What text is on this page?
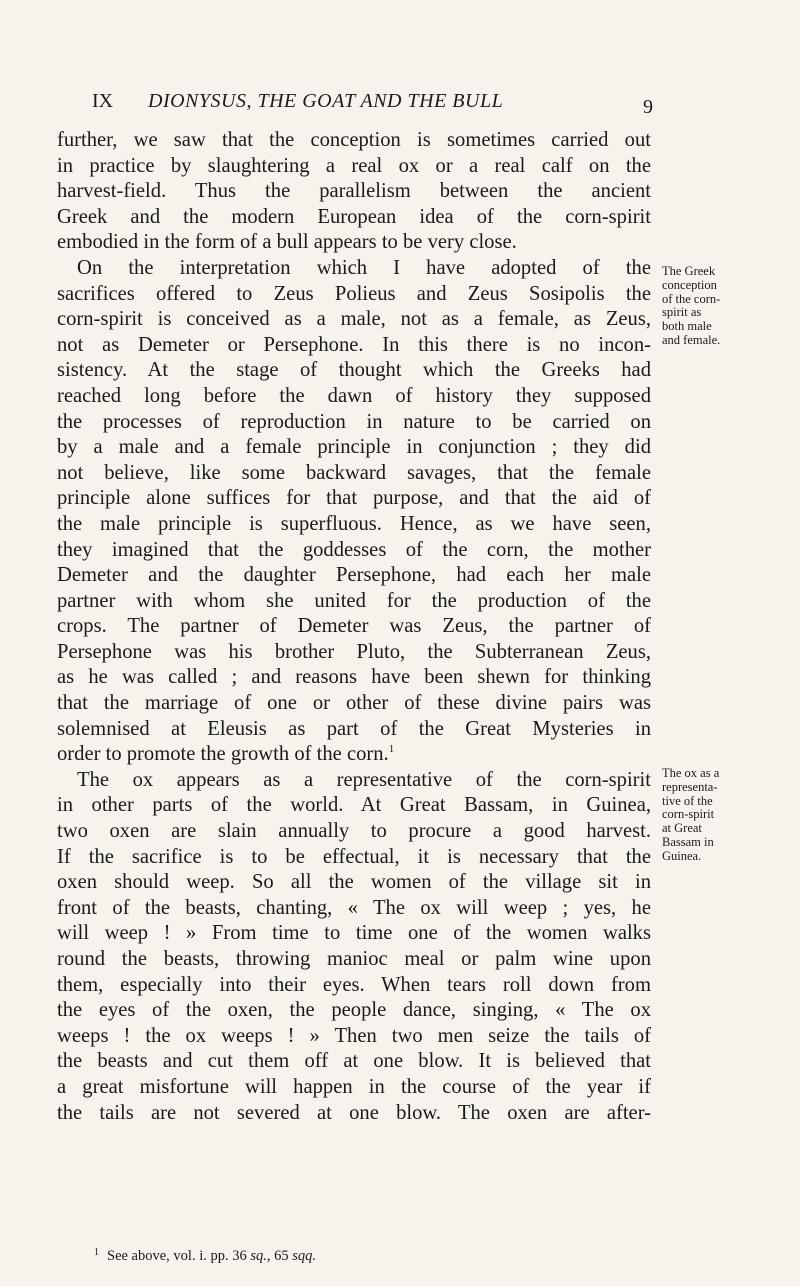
IX DIONYSUS, THE GOAT AND THE BULL	9
further, we saw that the conception is sometimes carried out
in practice by slaughtering a real ox or a real calf on the
harvest-field. Thus the parallelism between the ancient
Greek and the modern European idea of the corn-spirit
embodied in the form of a bull appears to be very close.
On the interpretation which I have adopted of the
sacrifices offered to Zeus Polieus and Zeus Sosipolis the
corn-spirit is conceived as a male, not as a female, as Zeus,
not as Demeter or Persephone. In this there is no incon-
sistency. At the stage of thought which the Greeks had
reached long before the dawn of history they supposed
the processes of reproduction in nature to be carried on
by a male and a female principle in conjunction ; they did
not believe, like some backward savages, that the female
principle alone suffices for that purpose, and that the aid of
the male principle is superfluous. Hence, as we have seen,
they imagined that the goddesses of the corn, the mother
Demeter and the daughter Persephone, had each her male
partner with whom she united for the production of the
crops. The partner of Demeter was Zeus, the partner of
Persephone was his brother Pluto, the Subterranean Zeus,
as he was called ; and reasons have been shewn for thinking
that the marriage of one or other of these divine pairs was
solemnised at Eleusis as part of the Great Mysteries in
order to promote the growth of the corn.$^1$
The ox appears as a representative of the corn-spirit
in other parts of the world. At Great Bassam, in Guinea,
two oxen are slain annually to procure a good harvest.
If the sacrifice is to be effectual, it is necessary that the
oxen should weep. So all the women of the village sit in
front of the beasts, chanting, « The ox will weep ; yes, he
will weep ! » From time to time one of the women walks
round the beasts, throwing manioc meal or palm wine upon
them, especially into their eyes. When tears roll down from
the eyes of the oxen, the people dance, singing, « The ox
weeps ! the ox weeps ! » Then two men seize the tails of
the beasts and cut them off at one blow. It is believed that
a great misfortune will happen in the course of the year if
the tails are not severed at one blow. The oxen are after-
The Greek
conception
of the corn-
spirit as
both male
and female.
The ox as a
representa-
tive of the
corn-spirit
at Great
Bassam in
Guinea.
$^1$ See above, vol. i. pp. 36 sq., 65 sqq.
